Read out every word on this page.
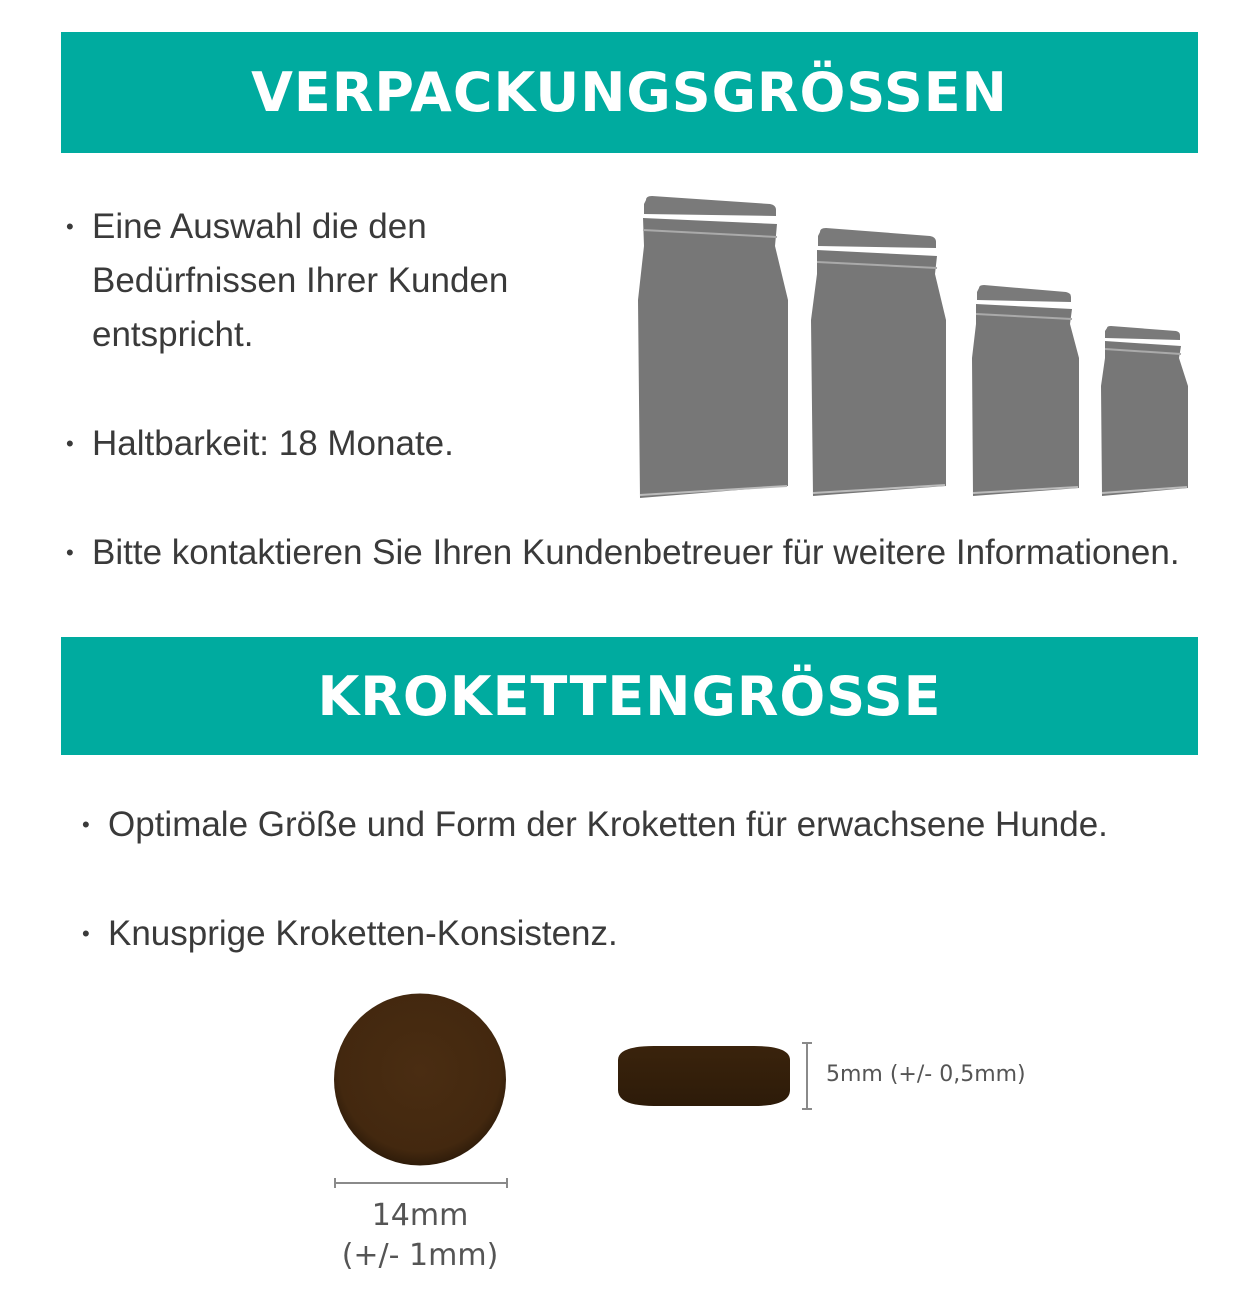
VERPACKUNGSGRÖSSEN
• Eine Auswahl die den
Bedürfnissen Ihrer Kunden
entspricht.
• Haltbarkeit: 18 Monate.
• Bitte kontaktieren Sie Ihren Kundenbetreuer für weitere Informationen.
KROKETTENGRÖSSE
• Optimale Größe und Form der Kroketten für erwachsene Hunde.
• Knusprige Kroketten-Konsistenz.
14mm
(+/- 1mm)
5mm (+/- 0,5mm)
